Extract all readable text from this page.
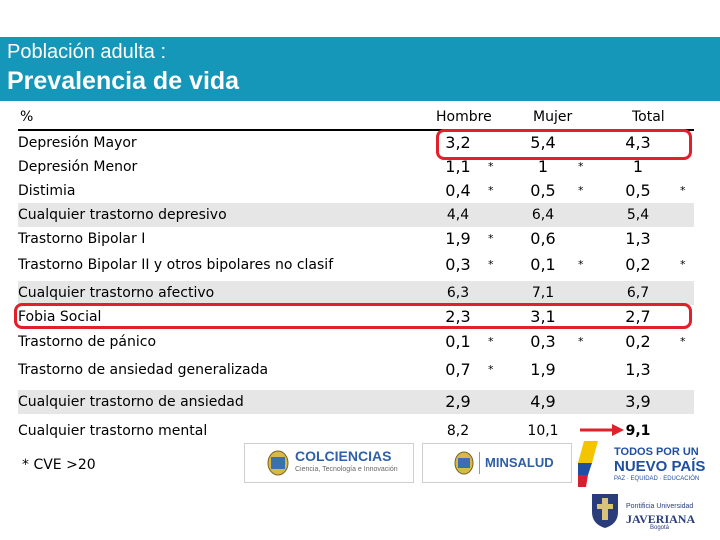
Población adulta :
Prevalencia de vida
%	Hombre	Mujer	Total
Depresión Mayor	3,2	5,4	4,3
Depresión Menor	1,1	*	1	*	1
Distimia	0,4	*	0,5	*	0,5	*
Cualquier trastorno depresivo	4,4	6,4	5,4
Trastorno Bipolar I	1,9	*	0,6	1,3
Trastorno Bipolar II y otros bipolares no clasif	0,3	*	0,1	*	0,2	*
Cualquier trastorno afectivo	6,3	7,1	6,7
Fobia Social	2,3	3,1	2,7
Trastorno de pánico	0,1	*	0,3	*	0,2	*
Trastorno de ansiedad generalizada	0,7	*	1,9	1,3
Cualquier trastorno de ansiedad	2,9	4,9	3,9
Cualquier trastorno mental	8,2	10,1	9,1
* CVE >20
COLCIENCIAS
Ciencia, Tecnología e Innovación	MINSALUD
TODOS POR UN
NUEVO PAÍS
PAZ · EQUIDAD · EDUCACIÓN
Pontificia Universidad
JAVERIANA
Bogotá
